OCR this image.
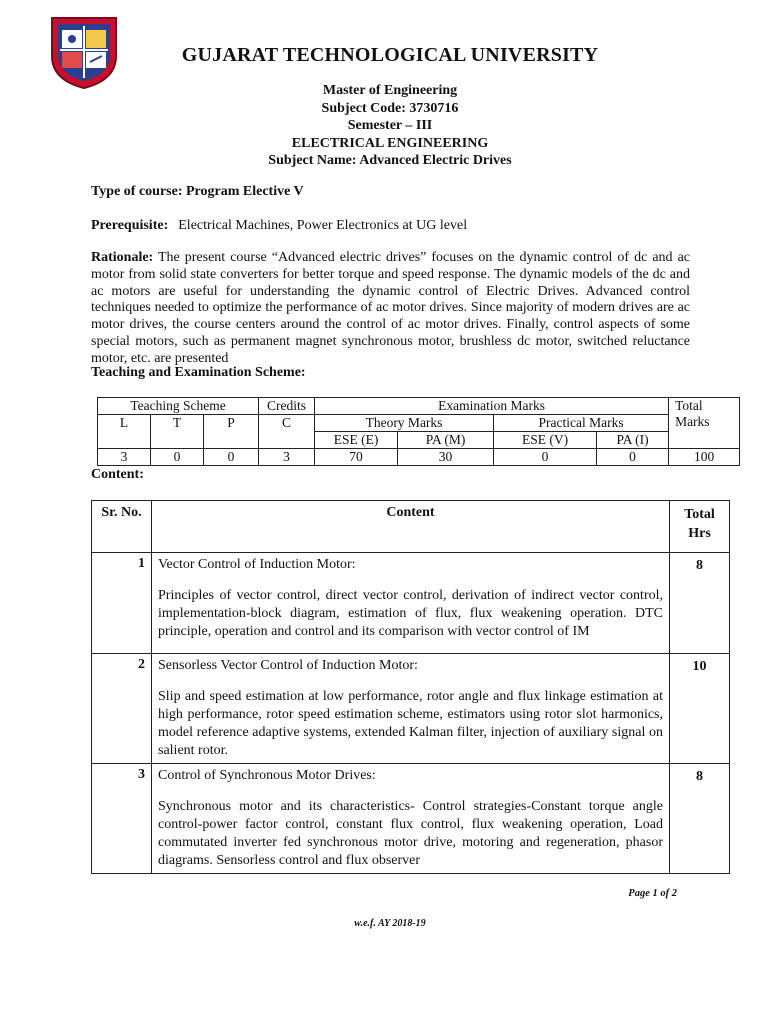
GUJARAT TECHNOLOGICAL UNIVERSITY
Master of Engineering
Subject Code: 3730716
Semester – III
ELECTRICAL ENGINEERING
Subject Name: Advanced Electric Drives
Type of course: Program Elective V
Prerequisite: Electrical Machines, Power Electronics at UG level
Rationale: The present course “Advanced electric drives” focuses on the dynamic control of dc and ac motor from solid state converters for better torque and speed response. The dynamic models of the dc and ac motors are useful for understanding the dynamic control of Electric Drives. Advanced control techniques needed to optimize the performance of ac motor drives. Since majority of modern drives are ac motor drives, the course centers around the control of ac motor drives. Finally, control aspects of some special motors, such as permanent magnet synchronous motor, brushless dc motor, switched reluctance motor, etc. are presented
Teaching and Examination Scheme:
Teaching Scheme			Credits	Examination Marks				Total
Marks

L	T	P	C	Theory Marks		Practical Marks		
				ESE (E)	PA (M)	ESE (V)	PA (I)	
3	0	0	3	70	30	0	0	100
Content:
Sr. No.	Content	Total
Hrs

1	Vector Control of Induction Motor:
Principles of vector control, direct vector control, derivation of indirect vector control, implementation-block diagram, estimation of flux, flux weakening operation. DTC principle, operation and control and its comparison with vector control of IM	8
2	Sensorless Vector Control of Induction Motor:
Slip and speed estimation at low performance, rotor angle and flux linkage estimation at high performance, rotor speed estimation scheme, estimators using rotor slot harmonics, model reference adaptive systems, extended Kalman filter, injection of auxiliary signal on salient rotor.	10
3	Control of Synchronous Motor Drives:
Synchronous motor and its characteristics- Control strategies-Constant torque angle control-power factor control, constant flux control, flux weakening operation, Load commutated inverter fed synchronous motor drive, motoring and regeneration, phasor diagrams. Sensorless control and flux observer	8
Page 1 of 2
w.e.f. AY 2018-19
